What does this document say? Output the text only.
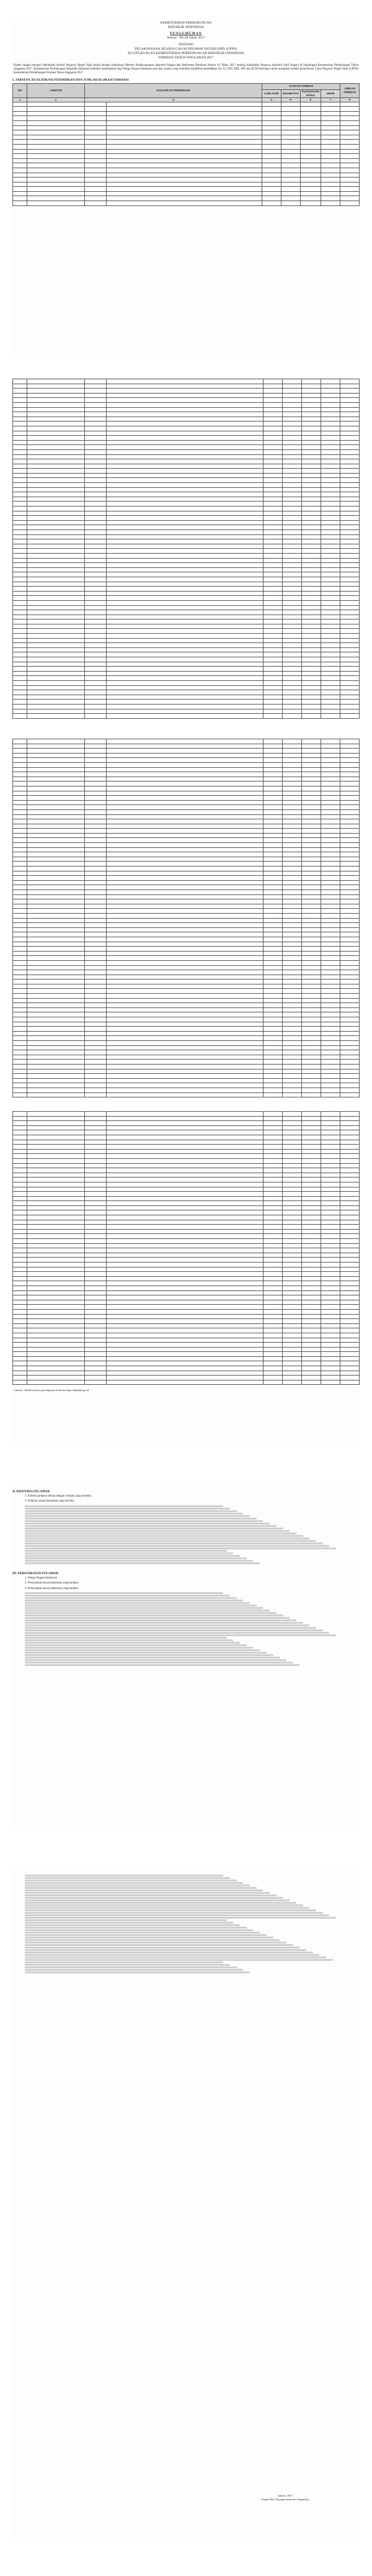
KEMENTERIAN PERHUBUNGAN
REPUBLIK INDONESIA
PENGUMUMAN
Nomor : PG.28 Tahun 2017
TENTANG
PELAKSANAAN SELEKSI CALON PEGAWAI NEGERI SIPIL (CPNS)
DI LINGKUNGAN KEMENTERIAN PERHUBUNGAN REPUBLIK INDONESIA
FORMASI TAHUN ANGGARAN 2017

Dalam rangka mengisi kebutuhan formasi Pegawai Negeri Sipil sesuai dengan Keputusan Menteri Pendayagunaan Aparatur Negara dan Reformasi Birokrasi Nomor 43 Tahun 2017 tentang Kebutuhan Pegawai Aparatur Sipil Negara di lingkungan Kementerian Perhubungan Tahun Anggaran 2017, Kementerian Perhubungan Republik Indonesia memberi kesempatan bagi Warga Negara Indonesia pria dan wanita yang memiliki kualifikasi pendidikan S2, S1, DIV, DIII, DII dan SLTA/Sederajat untuk mengikuti seleksi penerimaan Calon Pegawai Negeri Sipil (CPNS) Kementerian Perhubungan Formasi Tahun Anggaran 2017.

I. JABATAN, KUALIFIKASI PENDIDIKAN DAN JUMLAH ALOKASI FORMASI
NO	JABATAN	KUALIFIKASI PENDIDIKAN		ALOKASI FORMASI				JUMLAH FORMASI
				CUMLAUDE	DISABILITAS	PUTRA/PUTRI PAPUA	UMUM	
1	2	3		4	5	6	7	8

Catatan : Detail rincian penempatan di laman https://dephub.go.id
II. KRITERIA PELAMAR

1. Kriteria pelamar sesuai dengan formasi yang tersedia

2. Pelamar sesuai ketentuan yang berlaku

III. PERSYARATAN PELAMAR

1. Warga Negara Indonesia

2. Persyaratan sesuai ketentuan yang berlaku

3. Persyaratan sesuai ketentuan yang berlaku

Jakarta, 2017
Kepala Biro Kepegawaian dan Organisasi
